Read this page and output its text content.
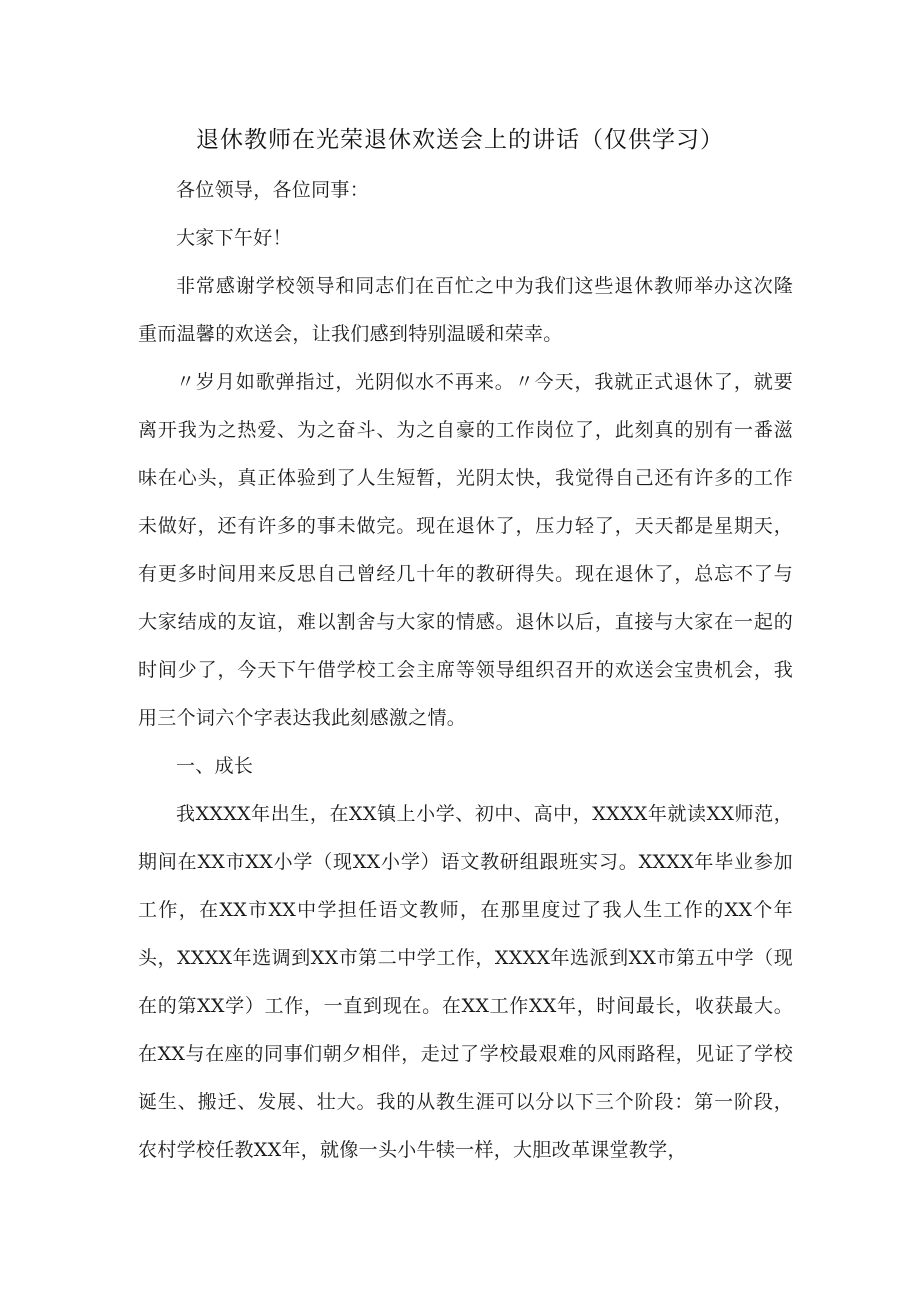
退休教师在光荣退休欢送会上的讲话（仅供学习）

各位领导，各位同事：

大家下午好！

非常感谢学校领导和同志们在百忙之中为我们这些退休教师举办这次隆重而温馨的欢送会，让我们感到特别温暖和荣幸。

〃岁月如歌弹指过，光阴似水不再来。〃今天，我就正式退休了，就要离开我为之热爱、为之奋斗、为之自豪的工作岗位了，此刻真的别有一番滋味在心头，真正体验到了人生短暂，光阴太快，我觉得自己还有许多的工作未做好，还有许多的事未做完。现在退休了，压力轻了，天天都是星期天，有更多时间用来反思自己曾经几十年的教研得失。现在退休了，总忘不了与大家结成的友谊，难以割舍与大家的情感。退休以后，直接与大家在一起的时间少了，今天下午借学校工会主席等领导组织召开的欢送会宝贵机会，我用三个词六个字表达我此刻感激之情。

一、成长

我XXXX年出生，在XX镇上小学、初中、高中，XXXX年就读XX师范，期间在XX市XX小学（现XX小学）语文教研组跟班实习。XXXX年毕业参加工作，在XX市XX中学担任语文教师，在那里度过了我人生工作的XX个年头，XXXX年选调到XX市第二中学工作，XXXX年选派到XX市第五中学（现在的第XX学）工作，一直到现在。在XX工作XX年，时间最长，收获最大。在XX与在座的同事们朝夕相伴，走过了学校最艰难的风雨路程，见证了学校诞生、搬迁、发展、壮大。我的从教生涯可以分以下三个阶段：第一阶段，农村学校任教XX年，就像一头小牛犊一样，大胆改革课堂教学，
